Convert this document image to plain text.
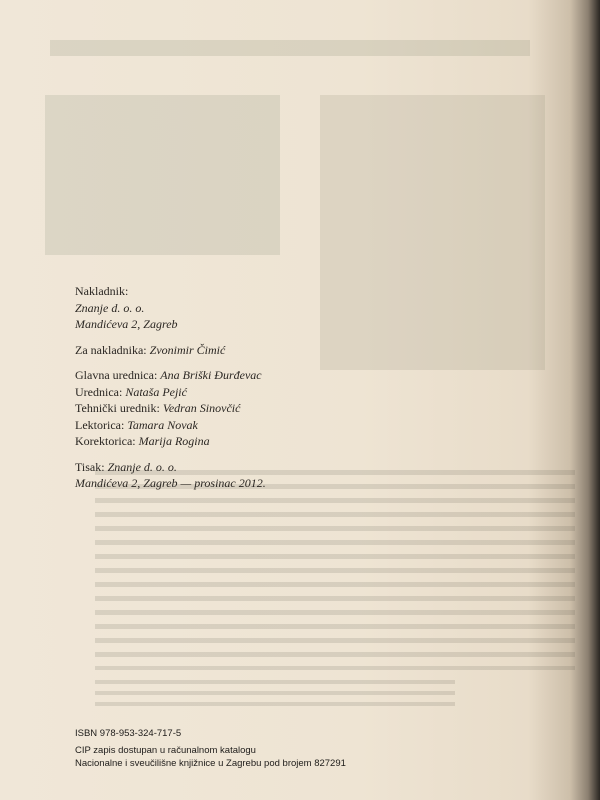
Nakladnik:
Znanje d. o. o.
Mandićeva 2, Zagreb
Za nakladnika: Zvonimir Čimić
Glavna urednica: Ana Briški Đurđevac
Urednica: Nataša Pejić
Tehnički urednik: Vedran Sinovčić
Lektorica: Tamara Novak
Korektorica: Marija Rogina
Tisak: Znanje d. o. o.
Mandićeva 2, Zagreb — prosinac 2012.
ISBN 978-953-324-717-5
CIP zapis dostupan u računalnom katalogu
Nacionalne i sveučilišne knjižnice u Zagrebu pod brojem 827291
